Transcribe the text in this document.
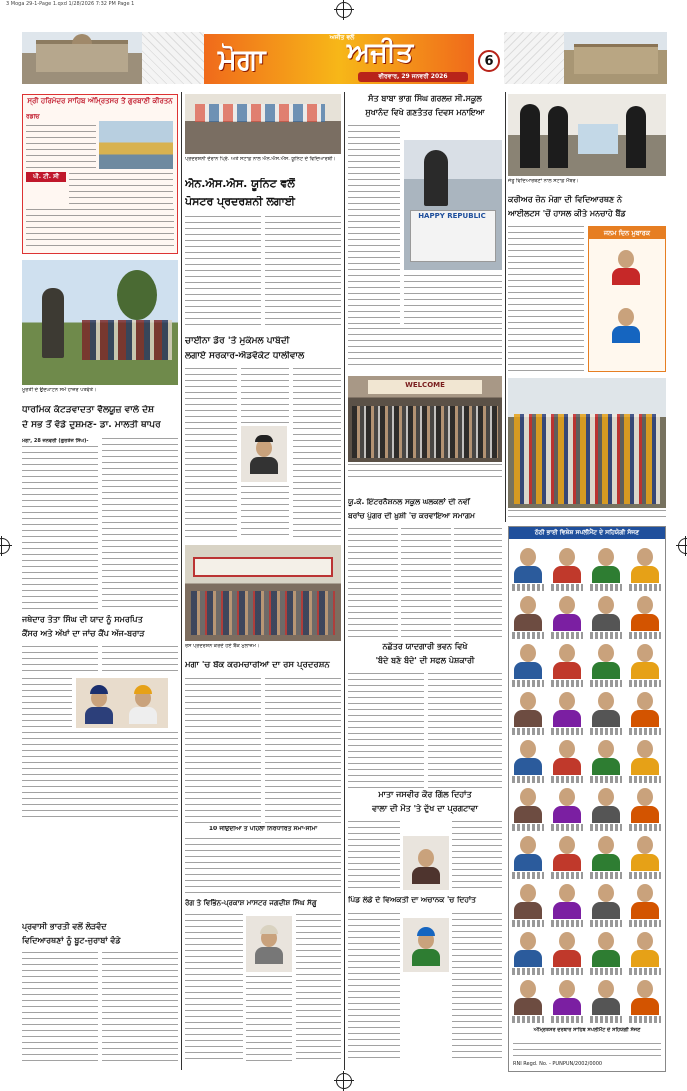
3 Moga 29-1-Page 1.qxd 1/28/2026 7:32 PM Page 1
ਅਜੀਤ ਵਲੋਂ
ਮੋਗਾ	ਅਜੀਤ
ਵੀਰਵਾਰ, 29 ਜਨਵਰੀ 2026
6
ਸ੍ਰੀ ਹਰਿਮੰਦਰ ਸਾਹਿਬ ਅੰਮ੍ਰਿਤਸਰ ਤੋਂ ਗੁਰਬਾਣੀ ਕੀਰਤਨ
ਰੇਡੀਓ
ਪੀ. ਟੀ. ਸੀ
ਮੂਰਤੀ ਦੇ ਉਦਘਾਟਨ ਸਮੇਂ ਹਾਜ਼ਰ ਪਤਵੰਤੇ।
ਧਾਰਮਿਕ ਕੱਟੜਵਾਦਤਾ ਵੈਲਯੂਜ਼ ਵਾਲੇ ਦੇਸ਼
ਦੇ ਸਭ ਤੋਂ ਵੱਡੇ ਦੁਸ਼ਮਣ- ਡਾ. ਮਾਲਤੀ ਥਾਪਰ
ਮੋਗਾ, 28 ਜਨਵਰੀ (ਗੁਰਤੇਜ ਸਿੰਘ)-
ਜਥੇਦਾਰ ਤੋਤਾ ਸਿੰਘ ਦੀ ਯਾਦ ਨੂੰ ਸਮਰਪਿਤ
ਕੈਂਸਰ ਅਤੇ ਅੱਖਾਂ ਦਾ ਜਾਂਚ ਕੈਂਪ ਅੱਜ-ਬਰਾੜ
ਪ੍ਰਵਾਸੀ ਭਾਰਤੀ ਵਲੋਂ ਲੋੜਵੰਦ
ਵਿਦਿਆਰਥਣਾਂ ਨੂੰ ਬੂਟ-ਜੁਰਾਬਾਂ ਵੰਡੇ
ਪ੍ਰਦਰਸ਼ਨੀ ਦੌਰਾਨ ਪ੍ਰਿੰ. ਅਤੇ ਸਟਾਫ਼ ਨਾਲ ਐਨ.ਐਸ.ਐਸ. ਯੂਨਿਟ ਦੇ ਵਿਦਿਆਰਥੀ।
ਐਨ.ਐਸ.ਐਸ. ਯੂਨਿਟ ਵਲੋਂ
ਪੋਸਟਰ ਪ੍ਰਦਰਸ਼ਨੀ ਲਗਾਈ
ਚਾਈਨਾ ਡੋਰ 'ਤੇ ਮੁਕੰਮਲ ਪਾਬੰਦੀ
ਲਗਾਏ ਸਰਕਾਰ-ਐਡਵੋਕੇਟ ਧਾਲੀਵਾਲ
ਰੋਸ ਪ੍ਰਦਰਸ਼ਨ ਕਰਦੇ ਹੋਏ ਬੈਂਕ ਮੁਲਾਜ਼ਮ।
ਮੋਗਾ 'ਚ ਬੈਂਕ ਕਰਮਚਾਰੀਆਂ ਦਾ ਰੋਸ ਪ੍ਰਦਰਸ਼ਨ
10 ਜੀਉਂਦੀਆਂ ਤੋਂ ਪਹਿਲਾਂ ਨਿਰਧਾਰਿਤ ਸਮਾਂ-ਸੀਮਾ
ਰੋਗ ਤੇ ਵਿਭਿੰਨ-ਪ੍ਰਕਾਸ਼ ਮਾਸਟਰ ਜਗਦੀਸ਼ ਸਿੰਘ ਸੱਗੂ
ਸੰਤ ਬਾਬਾ ਭਾਗ ਸਿੰਘ ਗਰਲਜ਼ ਸੀ.ਸਕੂਲ
ਸੁਖਾਨੰਦ ਵਿਖੇ ਗਣਤੰਤਰ ਦਿਵਸ ਮਨਾਇਆ
HAPPY REPUBLIC
ਜੇਤੂ ਵਿਦਿਆਰਥਣਾਂ ਨਾਲ ਸਟਾਫ਼ ਮੈਂਬਰ।
ਕਰੀਅਰ ਜ਼ੋਨ ਮੋਗਾ ਦੀ ਵਿਦਿਆਰਥਣ ਨੇ
ਆਈਲਟਸ 'ਚੋਂ ਹਾਸਲ ਕੀਤੇ ਮਨਚਾਹੇ ਬੈਂਡ
ਜਨਮ ਦਿਨ ਮੁਬਾਰਕ
WELCOME
ਯੂ.ਕੇ. ਇੰਟਰਨੈਸ਼ਨਲ ਸਕੂਲ ਘਲਕਲਾਂ ਦੀ ਨਵੀਂ
ਬਰਾਂਚ ਪੁੰਗਰ ਦੀ ਖ਼ੁਸ਼ੀ 'ਚ ਕਰਵਾਇਆ ਸਮਾਗਮ
ਨਛੱਤਰ ਯਾਦਗਾਰੀ ਭਵਨ ਵਿਖੇ
'ਬੰਦੇ ਬਣੋ ਬੰਦੇ' ਦੀ ਸਫਲ ਪੇਸ਼ਕਾਰੀ
ਮਾਤਾ ਜਸਵੀਰ ਕੌਰ ਗਿੱਲ ਦਿਹਾਂਤ
ਵਾਲਾ ਦੀ ਮੌਤ 'ਤੇ ਦੁੱਖ ਦਾ ਪ੍ਰਗਟਾਵਾ
ਪਿੰਡ ਲੰਡੇ ਦੇ ਵਿਅਕਤੀ ਦਾ ਅਚਾਨਕ 'ਚ ਦਿਹਾਂਤ
ਠੱਠੀ ਭਾਈ ਵਿਸ਼ੇਸ਼ ਸਪਲੀਮੈਂਟ ਦੇ ਸਹਿਯੋਗੀ ਸੱਜਣ
ਅੰਮ੍ਰਿਤਸਰ ਦਰਬਾਰ ਸਾਹਿਬ ਸਪਲੀਮੈਂਟ ਦੇ ਸਹਿਯੋਗੀ ਸੱਜਣ
RNI Regd. No. - PUNPUN/2002/0000
